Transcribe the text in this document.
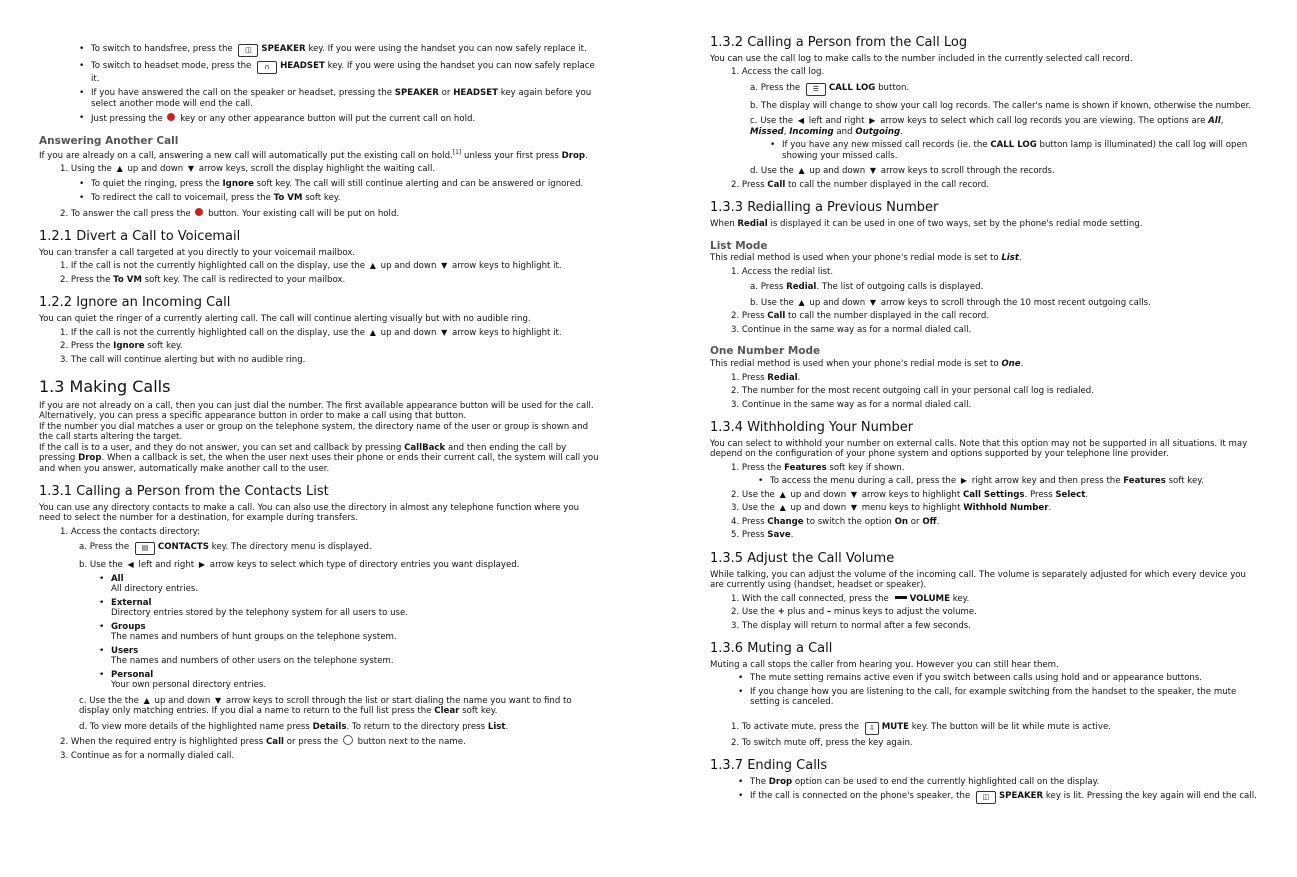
• To switch to handsfree, press the ◫ SPEAKER key. If you were using the handset you can now safely replace it.
• To switch to headset mode, press the ∩ HEADSET key. If you were using the handset you can now safely replace it.
• If you have answered the call on the speaker or headset, pressing the SPEAKER or HEADSET key again before you select another mode will end the call.
• Just pressing the  key or any other appearance button will put the current call on hold.
Answering Another Call

If you are already on a call, answering a new call will automatically put the existing call on hold.[1] unless your first press Drop.

1. Using the ▲ up and down ▼ arrow keys, scroll the display highlight the waiting call.
• To quiet the ringing, press the Ignore soft key. The call will still continue alerting and can be answered or ignored.
• To redirect the call to voicemail, press the To VM soft key.
2. To answer the call press the  button. Your existing call will be put on hold.
1.2.1 Divert a Call to Voicemail

You can transfer a call targeted at you directly to your voicemail mailbox.

1. If the call is not the currently highlighted call on the display, use the ▲ up and down ▼ arrow keys to highlight it.
2. Press the To VM soft key. The call is redirected to your mailbox.
1.2.2 Ignore an Incoming Call

You can quiet the ringer of a currently alerting call. The call will continue alerting visually but with no audible ring.

1. If the call is not the currently highlighted call on the display, use the ▲ up and down ▼ arrow keys to highlight it.
2. Press the Ignore soft key.
3. The call will continue alerting but with no audible ring.
1.3 Making Calls

If you are not already on a call, then you can just dial the number. The first available appearance button will be used for the call. Alternatively, you can press a specific appearance button in order to make a call using that button.

If the number you dial matches a user or group on the telephone system, the directory name of the user or group is shown and the call starts altering the target.

If the call is to a user, and they do not answer, you can set and callback by pressing CallBack and then ending the call by pressing Drop. When a callback is set, the when the user next uses their phone or ends their current call, the system will call you and when you answer, automatically make another call to the user.

1.3.1 Calling a Person from the Contacts List

You can use any directory contacts to make a call. You can also use the directory in almost any telephone function where you need to select the number for a destination, for example during transfers.

1. Access the contacts directory:
a. Press the ▤ CONTACTS key. The directory menu is displayed.
b. Use the ◀ left and right ▶ arrow keys to select which type of directory entries you want displayed.
• All
All directory entries.
• External
Directory entries stored by the telephony system for all users to use.
• Groups
The names and numbers of hunt groups on the telephone system.
• Users
The names and numbers of other users on the telephone system.
• Personal
Your own personal directory entries.
c. Use the the ▲ up and down ▼ arrow keys to scroll through the list or start dialing the name you want to find to display only matching entries. If you dial a name to return to the full list press the Clear soft key.
d. To view more details of the highlighted name press Details. To return to the directory press List.
2. When the required entry is highlighted press Call or press the  button next to the name.
3. Continue as for a normally dialed call.
1.3.2 Calling a Person from the Call Log

You can use the call log to make calls to the number included in the currently selected call record.

1. Access the call log.
a. Press the ☰ CALL LOG button.
b. The display will change to show your call log records. The caller's name is shown if known, otherwise the number.
c. Use the ◀ left and right ▶ arrow keys to select which call log records you are viewing. The options are All, Missed, Incoming and Outgoing.
• If you have any new missed call records (ie. the CALL LOG button lamp is illuminated) the call log will open showing your missed calls.
d. Use the ▲ up and down ▼ arrow keys to scroll through the records.
2. Press Call to call the number displayed in the call record.
1.3.3 Redialling a Previous Number

When Redial is displayed it can be used in one of two ways, set by the phone's redial mode setting.

List Mode

This redial method is used when your phone's redial mode is set to List.

1. Access the redial list.
a. Press Redial. The list of outgoing calls is displayed.
b. Use the ▲ up and down ▼ arrow keys to scroll through the 10 most recent outgoing calls.
2. Press Call to call the number displayed in the call record.
3. Continue in the same way as for a normal dialed call.
One Number Mode

This redial method is used when your phone's redial mode is set to One.

1. Press Redial.
2. The number for the most recent outgoing call in your personal call log is redialed.
3. Continue in the same way as for a normal dialed call.
1.3.4 Withholding Your Number

You can select to withhold your number on external calls. Note that this option may not be supported in all situations. It may depend on the configuration of your phone system and options supported by your telephone line provider.

1. Press the Features soft key if shown.
• To access the menu during a call, press the ▶ right arrow key and then press the Features soft key.
2. Use the ▲ up and down ▼ arrow keys to highlight Call Settings. Press Select.
3. Use the ▲ up and down ▼ menu keys to highlight Withhold Number.
4. Press Change to switch the option On or Off.
5. Press Save.
1.3.5 Adjust the Call Volume

While talking, you can adjust the volume of the incoming call. The volume is separately adjusted for which every device you are currently using (handset, headset or speaker).

1. With the call connected, press the VOLUME key.
2. Use the + plus and – minus keys to adjust the volume.
3. The display will return to normal after a few seconds.
1.3.6 Muting a Call

Muting a call stops the caller from hearing you. However you can still hear them.

• The mute setting remains active even if you switch between calls using hold and or appearance buttons.
• If you change how you are listening to the call, for example switching from the handset to the speaker, the mute setting is canceled.
1. To activate mute, press the ⇩ MUTE key. The button will be lit while mute is active.
2. To switch mute off, press the key again.
1.3.7 Ending Calls
• The Drop option can be used to end the currently highlighted call on the display.
• If the call is connected on the phone's speaker, the ◫ SPEAKER key is lit. Pressing the key again will end the call.
